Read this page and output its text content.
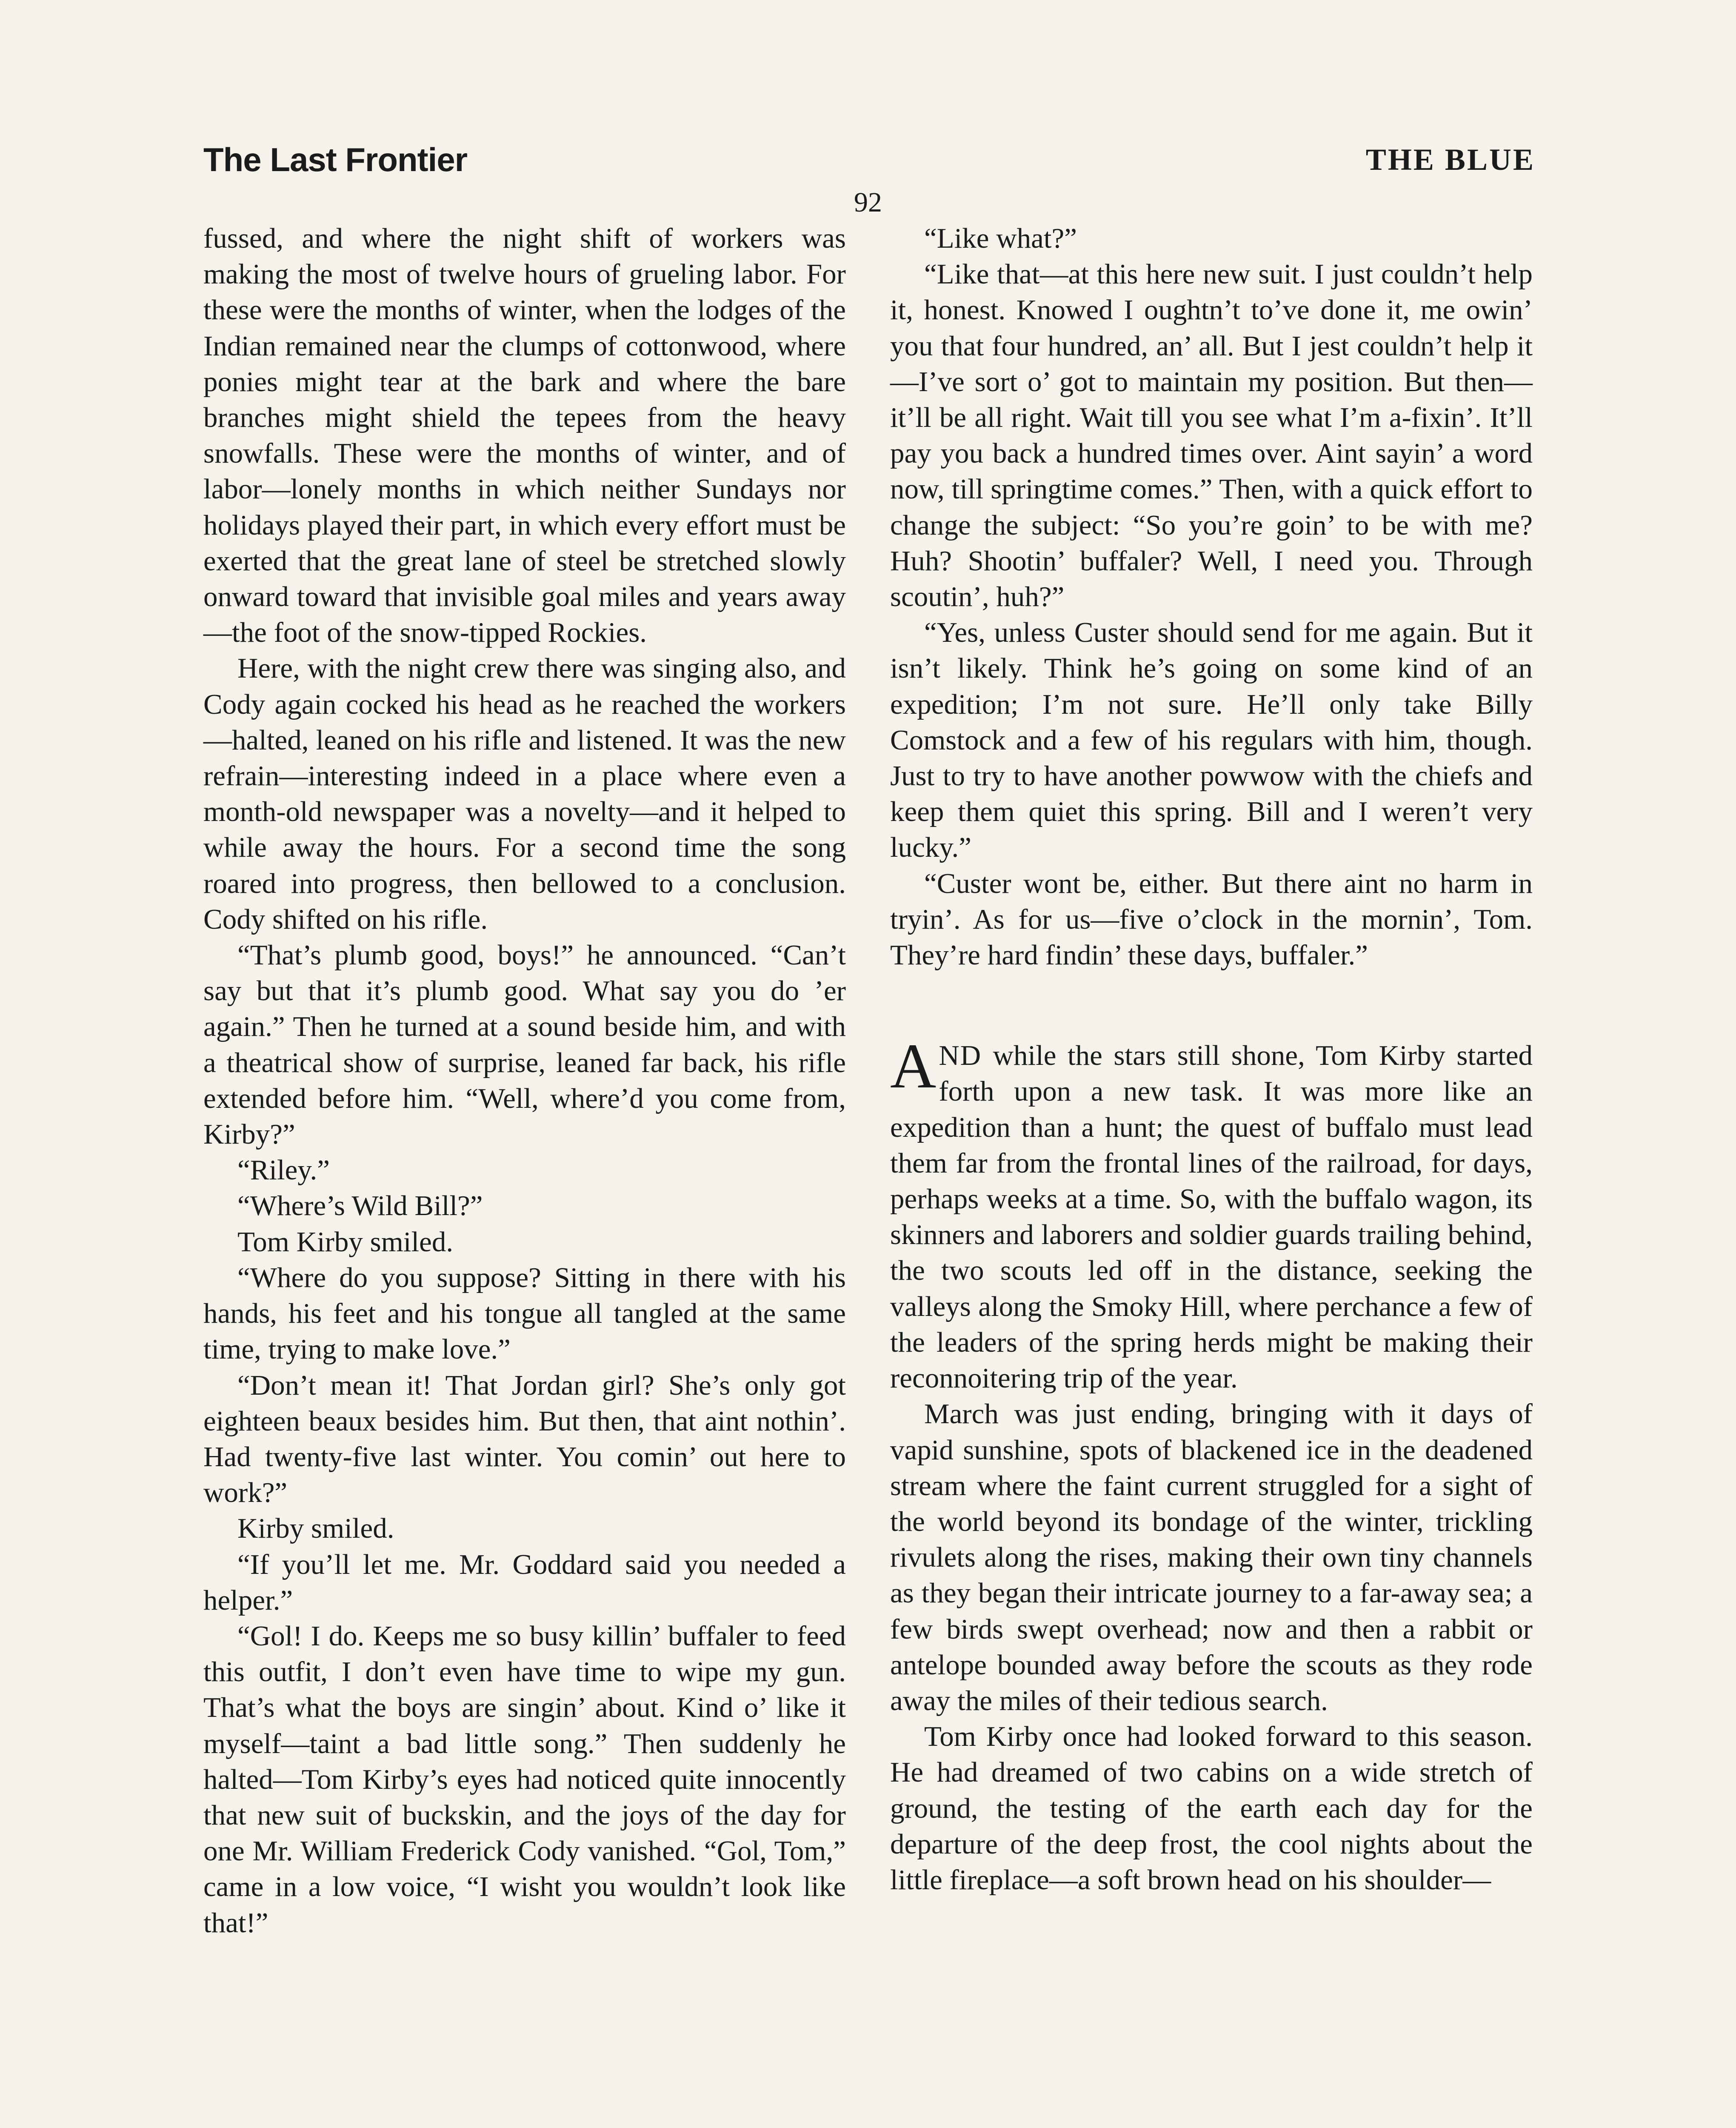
The Last Frontier	THE BLUE
92

fussed, and where the night shift of workers was making the most of twelve hours of grueling labor. For these were the months of winter, when the lodges of the Indian remained near the clumps of cottonwood, where ponies might tear at the bark and where the bare branches might shield the tepees from the heavy snowfalls. These were the months of winter, and of labor—lonely months in which neither Sundays nor holidays played their part, in which every effort must be exerted that the great lane of steel be stretched slowly onward toward that invisible goal miles and years away—the foot of the snow-tipped Rockies.

Here, with the night crew there was singing also, and Cody again cocked his head as he reached the workers—halted, leaned on his rifle and listened. It was the new refrain—interesting indeed in a place where even a month-old newspaper was a novelty—and it helped to while away the hours. For a second time the song roared into progress, then bellowed to a conclusion. Cody shifted on his rifle.

“That’s plumb good, boys!” he announced. “Can’t say but that it’s plumb good. What say you do ’er again.” Then he turned at a sound beside him, and with a theatrical show of surprise, leaned far back, his rifle extended before him. “Well, where’d you come from, Kirby?”

“Riley.”

“Where’s Wild Bill?”

Tom Kirby smiled.

“Where do you suppose? Sitting in there with his hands, his feet and his tongue all tangled at the same time, trying to make love.”

“Don’t mean it! That Jordan girl? She’s only got eighteen beaux besides him. But then, that aint nothin’. Had twenty-five last winter. You comin’ out here to work?”

Kirby smiled.

“If you’ll let me. Mr. Goddard said you needed a helper.”

“Gol! I do. Keeps me so busy killin’ buffaler to feed this outfit, I don’t even have time to wipe my gun. That’s what the boys are singin’ about. Kind o’ like it myself—taint a bad little song.” Then suddenly he halted—Tom Kirby’s eyes had noticed quite innocently that new suit of buckskin, and the joys of the day for one Mr. William Frederick Cody vanished. “Gol, Tom,” came in a low voice, “I wisht you wouldn’t look like that!”

“Like what?”

“Like that—at this here new suit. I just couldn’t help it, honest. Knowed I oughtn’t to’ve done it, me owin’ you that four hundred, an’ all. But I jest couldn’t help it—I’ve sort o’ got to maintain my position. But then—it’ll be all right. Wait till you see what I’m a-fixin’. It’ll pay you back a hundred times over. Aint sayin’ a word now, till springtime comes.” Then, with a quick effort to change the subject: “So you’re goin’ to be with me? Huh? Shootin’ buffaler? Well, I need you. Through scoutin’, huh?”

“Yes, unless Custer should send for me again. But it isn’t likely. Think he’s going on some kind of an expedition; I’m not sure. He’ll only take Billy Comstock and a few of his regulars with him, though. Just to try to have another powwow with the chiefs and keep them quiet this spring. Bill and I weren’t very lucky.”

“Custer wont be, either. But there aint no harm in tryin’. As for us—five o’clock in the mornin’, Tom. They’re hard findin’ these days, buffaler.”

AND while the stars still shone, Tom Kirby started forth upon a new task. It was more like an expedition than a hunt; the quest of buffalo must lead them far from the frontal lines of the railroad, for days, perhaps weeks at a time. So, with the buffalo wagon, its skinners and laborers and soldier guards trailing behind, the two scouts led off in the distance, seeking the valleys along the Smoky Hill, where perchance a few of the leaders of the spring herds might be making their reconnoitering trip of the year.

March was just ending, bringing with it days of vapid sunshine, spots of blackened ice in the deadened stream where the faint current struggled for a sight of the world beyond its bondage of the winter, trickling rivulets along the rises, making their own tiny channels as they began their intricate journey to a far-away sea; a few birds swept overhead; now and then a rabbit or antelope bounded away before the scouts as they rode away the miles of their tedious search.

Tom Kirby once had looked forward to this season. He had dreamed of two cabins on a wide stretch of ground, the testing of the earth each day for the departure of the deep frost, the cool nights about the little fireplace—a soft brown head on his shoulder—
